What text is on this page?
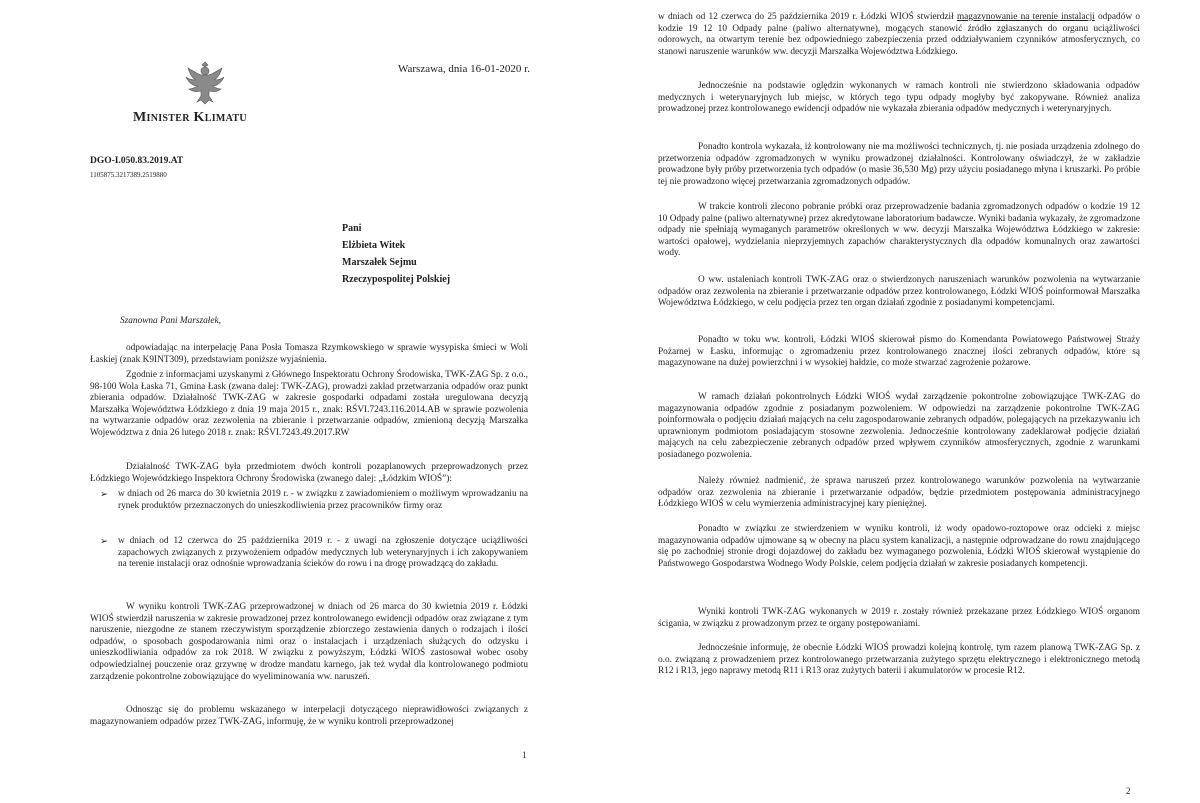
Minister Klimatu
Warszawa, dnia 16-01-2020 r.
DGO-I.050.83.2019.AT
1105875.3217389.2519880
Pani
Elżbieta Witek
Marszałek Sejmu
Rzeczypospolitej Polskiej
Szanowna Pani Marszałek,
odpowiadając na interpelację Pana Posła Tomasza Rzymkowskiego w sprawie wysypiska śmieci w Woli Łaskiej (znak K9INT309), przedstawiam poniższe wyjaśnienia.
Zgodnie z informacjami uzyskanymi z Głównego Inspektoratu Ochrony Środowiska, TWK-ZAG Sp. z o.o., 98-100 Wola Łaska 71, Gmina Łask (zwana dalej: TWK-ZAG), prowadzi zakład przetwarzania odpadów oraz punkt zbierania odpadów. Działalność TWK-ZAG w zakresie gospodarki odpadami została uregulowana decyzją Marszałka Województwa Łódzkiego z dnia 19 maja 2015 r., znak: RŚVI.7243.116.2014.AB w sprawie pozwolenia na wytwarzanie odpadów oraz zezwolenia na zbieranie i przetwarzanie odpadów, zmienioną decyzją Marszałka Województwa z dnia 26 lutego 2018 r. znak: RŚVI.7243.49.2017.RW
Działalność TWK-ZAG była przedmiotem dwóch kontroli pozaplanowych przeprowadzonych przez Łódzkiego Wojewódzkiego Inspektora Ochrony Środowiska (zwanego dalej: „Łódzkim WIOŚ”):
➢ w dniach od 26 marca do 30 kwietnia 2019 r. - w związku z zawiadomieniem o możliwym wprowadzaniu na rynek produktów przeznaczonych do unieszkodliwienia przez pracowników firmy oraz
➢ w dniach od 12 czerwca do 25 października 2019 r. - z uwagi na zgłoszenie dotyczące uciążliwości zapachowych związanych z przywożeniem odpadów medycznych lub weterynaryjnych i ich zakopywaniem na terenie instalacji oraz odnośnie wprowadzania ścieków do rowu i na drogę prowadzącą do zakładu.
W wyniku kontroli TWK-ZAG przeprowadzonej w dniach od 26 marca do 30 kwietnia 2019 r. Łódzki WIOŚ stwierdził naruszenia w zakresie prowadzonej przez kontrolowanego ewidencji odpadów oraz związane z tym naruszenie, niezgodne ze stanem rzeczywistym sporządzenie zbiorczego zestawienia danych o rodzajach i ilości odpadów, o sposobach gospodarowania nimi oraz o instalacjach i urządzeniach służących do odzysku i unieszkodliwiania odpadów za rok 2018. W związku z powyższym, Łódzki WIOŚ zastosował wobec osoby odpowiedzialnej pouczenie oraz grzywnę w drodze mandatu karnego, jak też wydał dla kontrolowanego podmiotu zarządzenie pokontrolne zobowiązujące do wyeliminowania ww. naruszeń.
Odnosząc się do problemu wskazanego w interpelacji dotyczącego nieprawidłowości związanych z magazynowaniem odpadów przez TWK-ZAG, informuję, że w wyniku kontroli przeprowadzonej
1
w dniach od 12 czerwca do 25 października 2019 r. Łódzki WIOŚ stwierdził magazynowanie na terenie instalacji odpadów o kodzie 19 12 10 Odpady palne (paliwo alternatywne), mogących stanowić źródło zgłaszanych do organu uciążliwości odorowych, na otwartym terenie bez odpowiedniego zabezpieczenia przed oddziaływaniem czynników atmosferycznych, co stanowi naruszenie warunków ww. decyzji Marszałka Województwa Łódzkiego.
Jednocześnie na podstawie oględzin wykonanych w ramach kontroli nie stwierdzono składowania odpadów medycznych i weterynaryjnych lub miejsc, w których tego typu odpady mogłyby być zakopywane. Również analiza prowadzonej przez kontrolowanego ewidencji odpadów nie wykazała zbierania odpadów medycznych i weterynaryjnych.
Ponadto kontrola wykazała, iż kontrolowany nie ma możliwości technicznych, tj. nie posiada urządzenia zdolnego do przetworzenia odpadów zgromadzonych w wyniku prowadzonej działalności. Kontrolowany oświadczył, że w zakładzie prowadzone były próby przetworzenia tych odpadów (o masie 36,530 Mg) przy użyciu posiadanego młyna i kruszarki. Po próbie tej nie prowadzono więcej przetwarzania zgromadzonych odpadów.
W trakcie kontroli zlecono pobranie próbki oraz przeprowadzenie badania zgromadzonych odpadów o kodzie 19 12 10 Odpady palne (paliwo alternatywne) przez akredytowane laboratorium badawcze. Wyniki badania wykazały, że zgromadzone odpady nie spełniają wymaganych parametrów określonych w ww. decyzji Marszałka Województwa Łódzkiego w zakresie: wartości opałowej, wydzielania nieprzyjemnych zapachów charakterystycznych dla odpadów komunalnych oraz zawartości wody.
O ww. ustaleniach kontroli TWK-ZAG oraz o stwierdzonych naruszeniach warunków pozwolenia na wytwarzanie odpadów oraz zezwolenia na zbieranie i przetwarzanie odpadów przez kontrolowanego, Łódzki WIOŚ poinformował Marszałka Województwa Łódzkiego, w celu podjęcia przez ten organ działań zgodnie z posiadanymi kompetencjami.
Ponadto w toku ww. kontroli, Łódzki WIOŚ skierował pismo do Komendanta Powiatowego Państwowej Straży Pożarnej w Łasku, informując o zgromadzeniu przez kontrolowanego znacznej ilości zebranych odpadów, które są magazynowane na dużej powierzchni i w wysokiej hałdzie, co może stwarzać zagrożenie pożarowe.
W ramach działań pokontrolnych Łódzki WIOŚ wydał zarządzenie pokontrolne zobowiązujące TWK-ZAG do magazynowania odpadów zgodnie z posiadanym pozwoleniem. W odpowiedzi na zarządzenie pokontrolne TWK-ZAG poinformowała o podjęciu działań mających na celu zagospodarowanie zebranych odpadów, polegających na przekazywaniu ich uprawnionym podmiotom posiadającym stosowne zezwolenia. Jednocześnie kontrolowany zadeklarował podjęcie działań mających na celu zabezpieczenie zebranych odpadów przed wpływem czynników atmosferycznych, zgodnie z warunkami posiadanego pozwolenia.
Należy również nadmienić, że sprawa naruszeń przez kontrolowanego warunków pozwolenia na wytwarzanie odpadów oraz zezwolenia na zbieranie i przetwarzanie odpadów, będzie przedmiotem postępowania administracyjnego Łódzkiego WIOŚ w celu wymierzenia administracyjnej kary pieniężnej.
Ponadto w związku ze stwierdzeniem w wyniku kontroli, iż wody opadowo-roztopowe oraz odcieki z miejsc magazynowania odpadów ujmowane są w obecny na placu system kanalizacji, a następnie odprowadzane do rowu znajdującego się po zachodniej stronie drogi dojazdowej do zakładu bez wymaganego pozwolenia, Łódzki WIOŚ skierował wystąpienie do Państwowego Gospodarstwa Wodnego Wody Polskie, celem podjęcia działań w zakresie posiadanych kompetencji.
Wyniki kontroli TWK-ZAG wykonanych w 2019 r. zostały również przekazane przez Łódzkiego WIOŚ organom ścigania, w związku z prowadzonym przez te organy postępowaniami.
Jednocześnie informuję, że obecnie Łódzki WIOŚ prowadzi kolejną kontrolę, tym razem planową TWK-ZAG Sp. z o.o. związaną z prowadzeniem przez kontrolowanego przetwarzania zużytego sprzętu elektrycznego i elektronicznego metodą R12 i R13, jego naprawy metodą R11 i R13 oraz zużytych baterii i akumulatorów w procesie R12.
2
